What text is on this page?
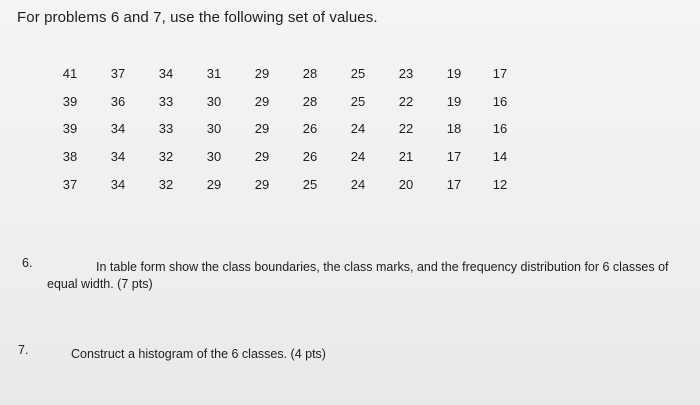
For problems 6 and 7, use the following set of values.
41	37	34	31	29	28	25	23	19	17
39	36	33	30	29	28	25	22	19	16
39	34	33	30	29	26	24	22	18	16
38	34	32	30	29	26	24	21	17	14
37	34	32	29	29	25	24	20	17	12
6.	In table form show the class boundaries, the class marks, and the frequency distribution for 6 classes of equal width. (7 pts)
7.	Construct a histogram of the 6 classes. (4 pts)
